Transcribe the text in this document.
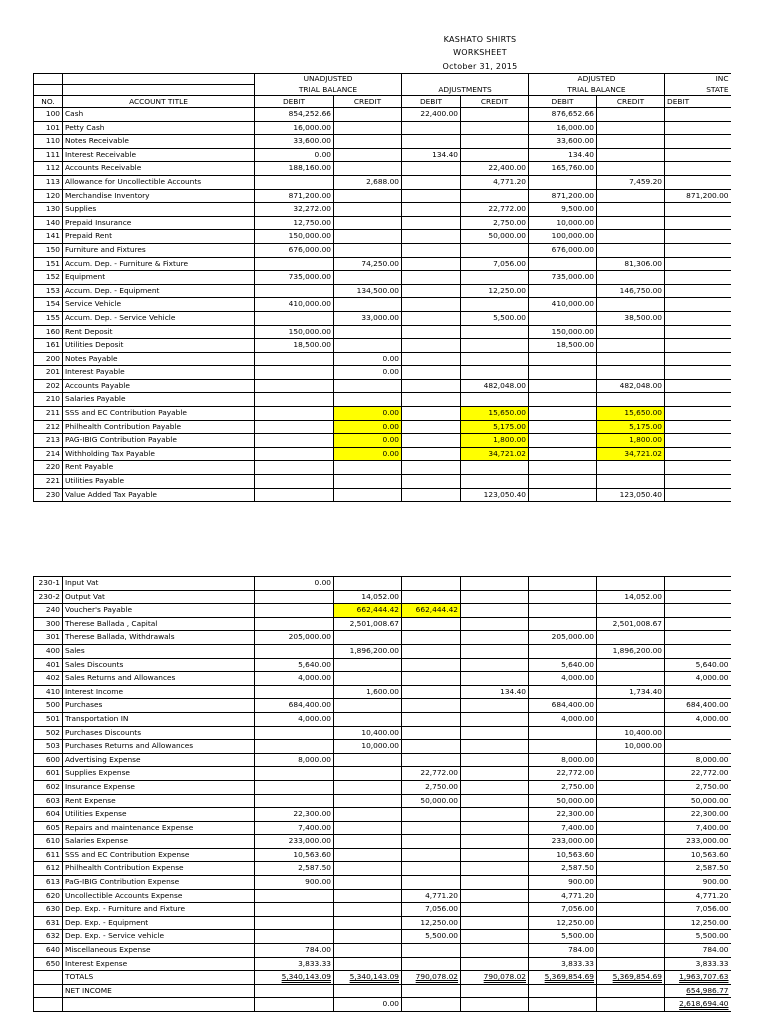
KASHATO SHIRTS
WORKSHEET
October 31, 2015
		UNADJUSTED				ADJUSTED		INC
		TRIAL BALANCE		ADJUSTMENTS		TRIAL BALANCE		STATE
NO.	ACCOUNT TITLE	DEBIT	CREDIT	DEBIT	CREDIT	DEBIT	CREDIT	DEBIT
100	Cash	854,252.66		22,400.00		876,652.66		
101	Petty Cash	16,000.00				16,000.00		
110	Notes Receivable	33,600.00				33,600.00		
111	Interest Receivable	0.00		134.40		134.40		
112	Accounts Receivable	188,160.00			22,400.00	165,760.00		
113	Allowance for Uncollectible Accounts		2,688.00		4,771.20		7,459.20	
120	Merchandise Inventory	871,200.00				871,200.00		871,200.00
130	Supplies	32,272.00			22,772.00	9,500.00		
140	Prepaid Insurance	12,750.00			2,750.00	10,000.00		
141	Prepaid Rent	150,000.00			50,000.00	100,000.00		
150	Furniture and Fixtures	676,000.00				676,000.00		
151	Accum. Dep. - Furniture & Fixture		74,250.00		7,056.00		81,306.00	
152	Equipment	735,000.00				735,000.00		
153	Accum. Dep. - Equipment		134,500.00		12,250.00		146,750.00	
154	Service Vehicle	410,000.00				410,000.00		
155	Accum. Dep. - Service Vehicle		33,000.00		5,500.00		38,500.00	
160	Rent Deposit	150,000.00				150,000.00		
161	Utilities Deposit	18,500.00				18,500.00		
200	Notes Payable		0.00					
201	Interest Payable		0.00					
202	Accounts Payable				482,048.00		482,048.00	
210	Salaries Payable							
211	SSS and EC Contribution Payable		0.00		15,650.00		15,650.00	
212	Philhealth Contribution Payable		0.00		5,175.00		5,175.00	
213	PAG-IBIG Contribution Payable		0.00		1,800.00		1,800.00	
214	Withholding Tax Payable		0.00		34,721.02		34,721.02	
220	Rent Payable							
221	Utilities Payable							
230	Value Added Tax Payable				123,050.40		123,050.40	
230-1	Input Vat	0.00						
230-2	Output Vat		14,052.00				14,052.00	
240	Voucher's Payable		662,444.42	662,444.42				
300	Therese Ballada , Capital		2,501,008.67				2,501,008.67	
301	Therese Ballada, Withdrawals	205,000.00				205,000.00		
400	Sales		1,896,200.00				1,896,200.00	
401	Sales Discounts	5,640.00				5,640.00		5,640.00
402	Sales Returns and Allowances	4,000.00				4,000.00		4,000.00
410	Interest Income		1,600.00		134.40		1,734.40	
500	Purchases	684,400.00				684,400.00		684,400.00
501	Transportation IN	4,000.00				4,000.00		4,000.00
502	Purchases Discounts		10,400.00				10,400.00	
503	Purchases Returns and Allowances		10,000.00				10,000.00	
600	Advertising Expense	8,000.00				8,000.00		8,000.00
601	Supplies Expense			22,772.00		22,772.00		22,772.00
602	Insurance Expense			2,750.00		2,750.00		2,750.00
603	Rent Expense			50,000.00		50,000.00		50,000.00
604	Utilities Expense	22,300.00				22,300.00		22,300.00
605	Repairs and maintenance Expense	7,400.00				7,400.00		7,400.00
610	Salaries Expense	233,000.00				233,000.00		233,000.00
611	SSS and EC Contribution Expense	10,563.60				10,563.60		10,563.60
612	Philhealth Contribution Expense	2,587.50				2,587.50		2,587.50
613	PaG-IBIG Contribution Expense	900.00				900.00		900.00
620	Uncollectible Accounts Expense			4,771.20		4,771.20		4,771.20
630	Dep. Exp. - Furniture and Fixture			7,056.00		7,056.00		7,056.00
631	Dep. Exp. - Equipment			12,250.00		12,250.00		12,250.00
632	Dep. Exp. - Service vehicle			5,500.00		5,500.00		5,500.00
640	Miscellaneous Expense	784.00				784.00		784.00
650	Interest Expense	3,833.33				3,833.33		3,833.33
	TOTALS	5,340,143.09	5,340,143.09	790,078.02	790,078.02	5,369,854.69	5,369,854.69	1,963,707.63
	NET INCOME							654,986.77
			0.00					2,618,694.40
